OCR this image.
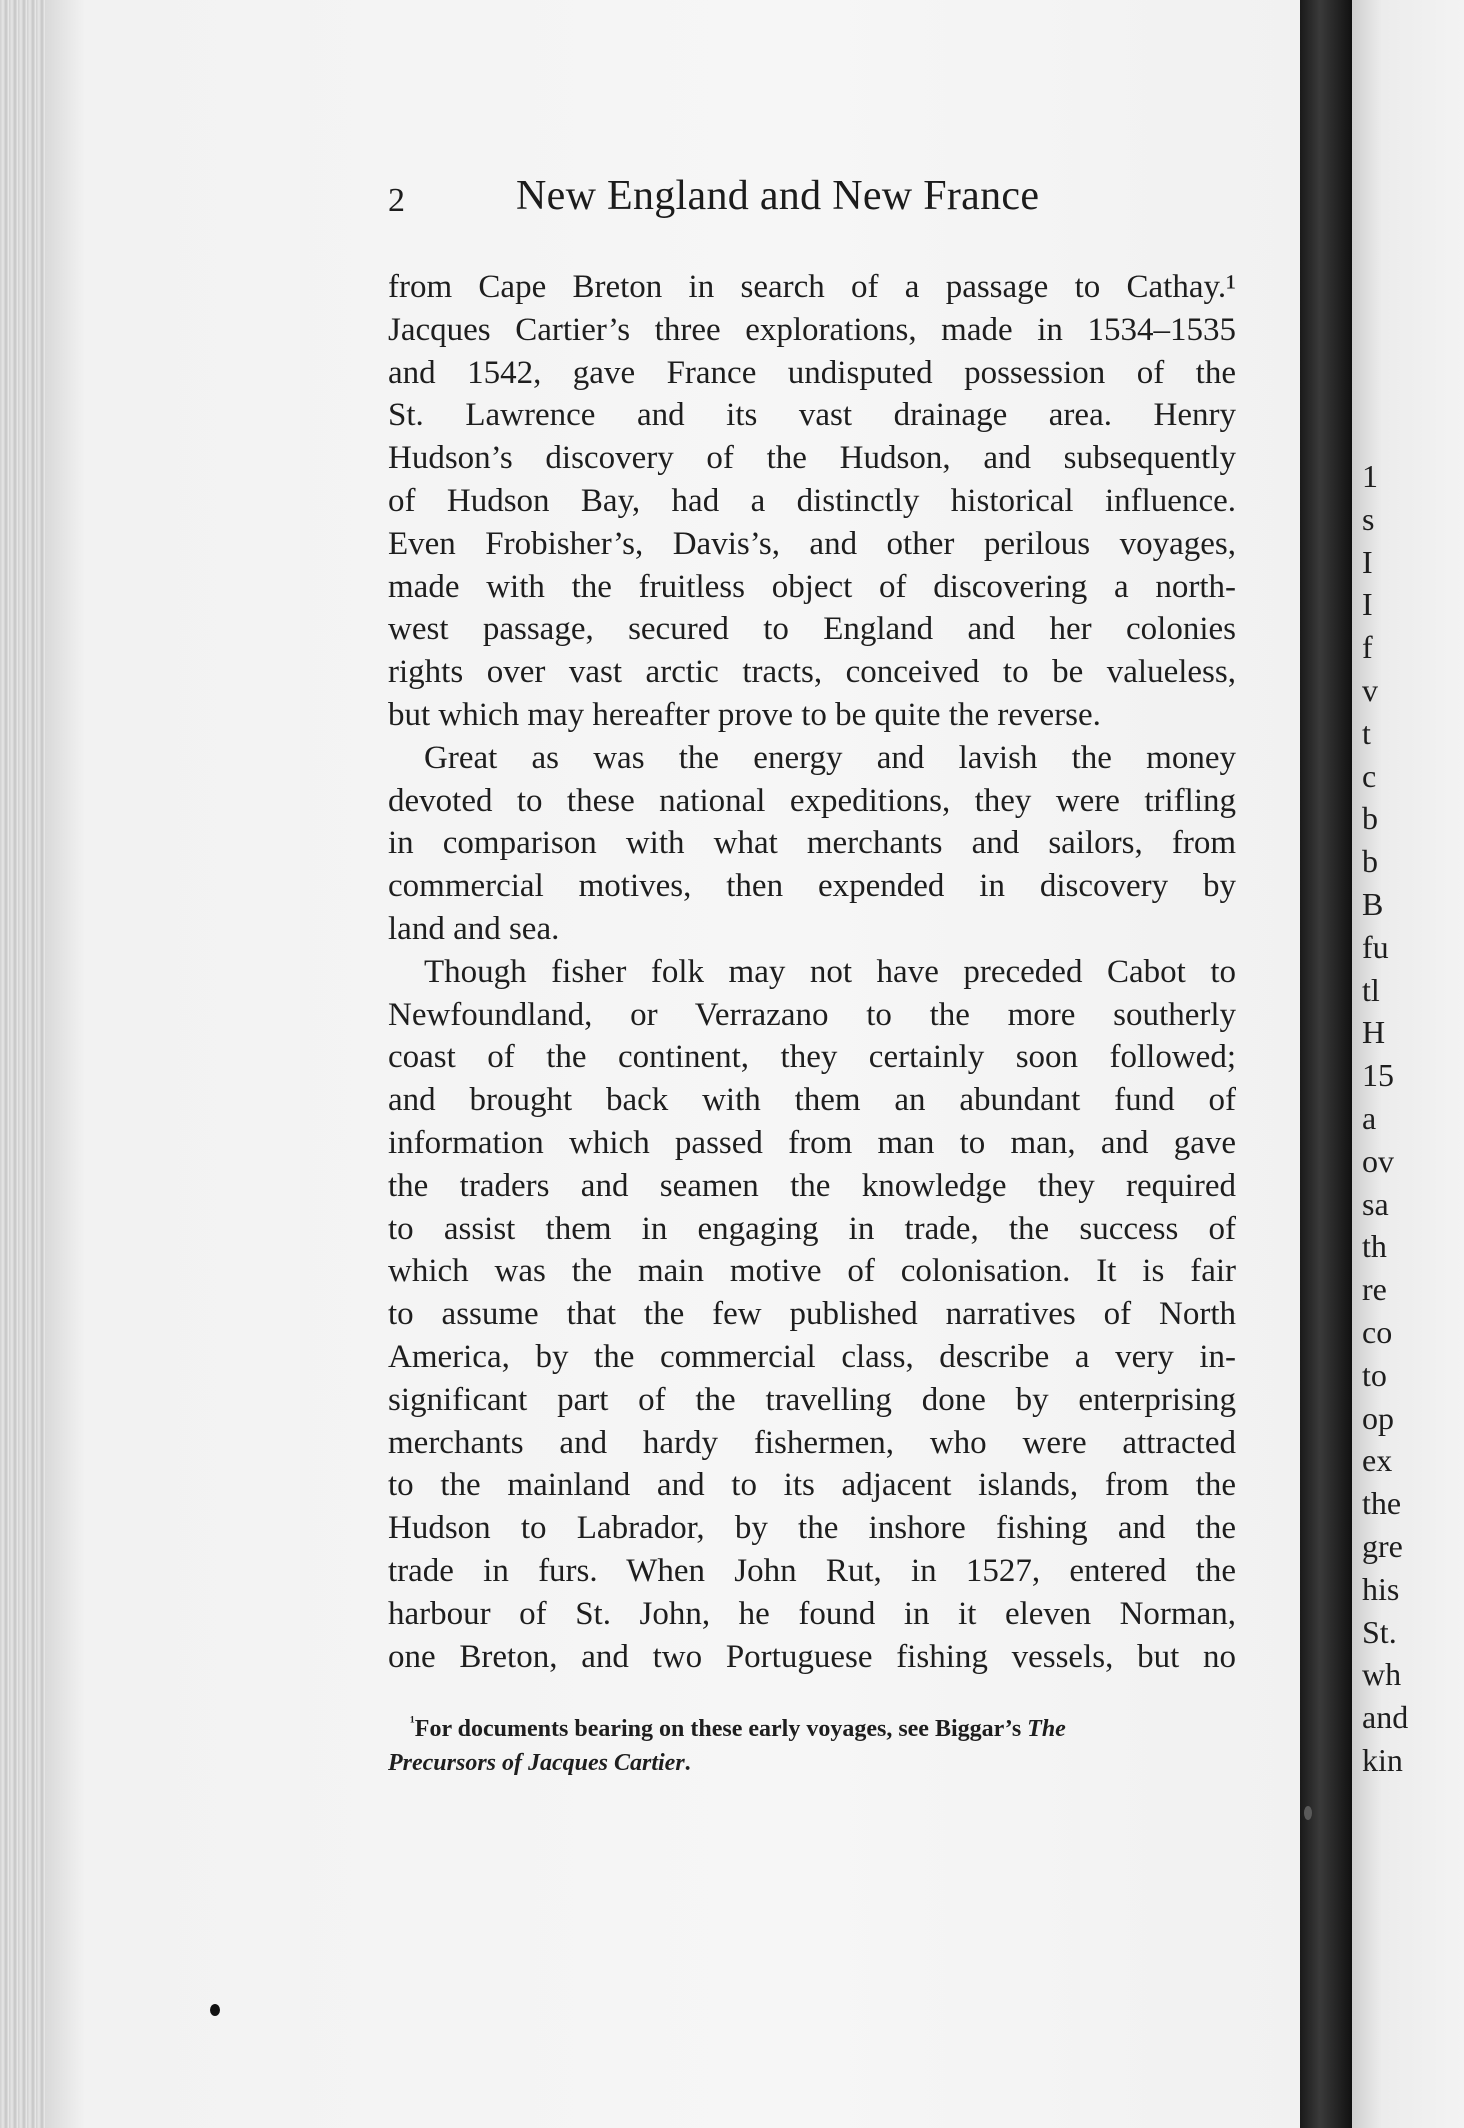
1
s
I
I
f
v
t
c
b
b
B
fu
tl
H
15
a
ov
sa
th
re
co
to
op
ex
the
gre
his
St.
wh
and
kin
2	New England and New France
from Cape Breton in search of a passage to Cathay.¹
Jacques Cartier’s three explorations, made in 1534–1535
and 1542, gave France undisputed possession of the
St. Lawrence and its vast drainage area. Henry
Hudson’s discovery of the Hudson, and subsequently
of Hudson Bay, had a distinctly historical influence.
Even Frobisher’s, Davis’s, and other perilous voyages,
made with the fruitless object of discovering a north-
west passage, secured to England and her colonies
rights over vast arctic tracts, conceived to be valueless,
but which may hereafter prove to be quite the reverse.
Great as was the energy and lavish the money
devoted to these national expeditions, they were trifling
in comparison with what merchants and sailors, from
commercial motives, then expended in discovery by
land and sea.
Though fisher folk may not have preceded Cabot to
Newfoundland, or Verrazano to the more southerly
coast of the continent, they certainly soon followed;
and brought back with them an abundant fund of
information which passed from man to man, and gave
the traders and seamen the knowledge they required
to assist them in engaging in trade, the success of
which was the main motive of colonisation. It is fair
to assume that the few published narratives of North
America, by the commercial class, describe a very in-
significant part of the travelling done by enterprising
merchants and hardy fishermen, who were attracted
to the mainland and to its adjacent islands, from the
Hudson to Labrador, by the inshore fishing and the
trade in furs. When John Rut, in 1527, entered the
harbour of St. John, he found in it eleven Norman,
one Breton, and two Portuguese fishing vessels, but no
$^{^1}$For documents bearing on these early voyages, see Biggar’s The
Precursors of Jacques Cartier.
